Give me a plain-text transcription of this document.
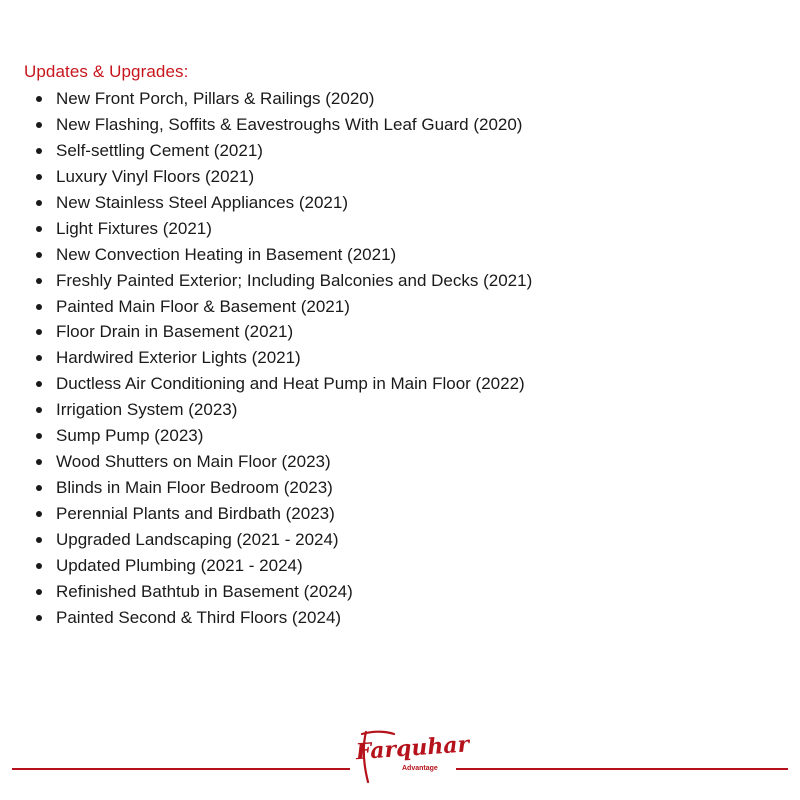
Updates & Upgrades:
New Front Porch, Pillars & Railings (2020)
New Flashing, Soffits & Eavestroughs With Leaf Guard (2020)
Self-settling Cement (2021)
Luxury Vinyl Floors (2021)
New Stainless Steel Appliances (2021)
Light Fixtures (2021)
New Convection Heating in Basement (2021)
Freshly Painted Exterior; Including Balconies and Decks (2021)
Painted Main Floor & Basement (2021)
Floor Drain in Basement (2021)
Hardwired Exterior Lights (2021)
Ductless Air Conditioning and Heat Pump in Main Floor (2022)
Irrigation System (2023)
Sump Pump (2023)
Wood Shutters on Main Floor (2023)
Blinds in Main Floor Bedroom (2023)
Perennial Plants and Birdbath (2023)
Upgraded Landscaping (2021 - 2024)
Updated Plumbing (2021 - 2024)
Refinished Bathtub in Basement (2024)
Painted Second & Third Floors (2024)
Farquhar
Advantage
